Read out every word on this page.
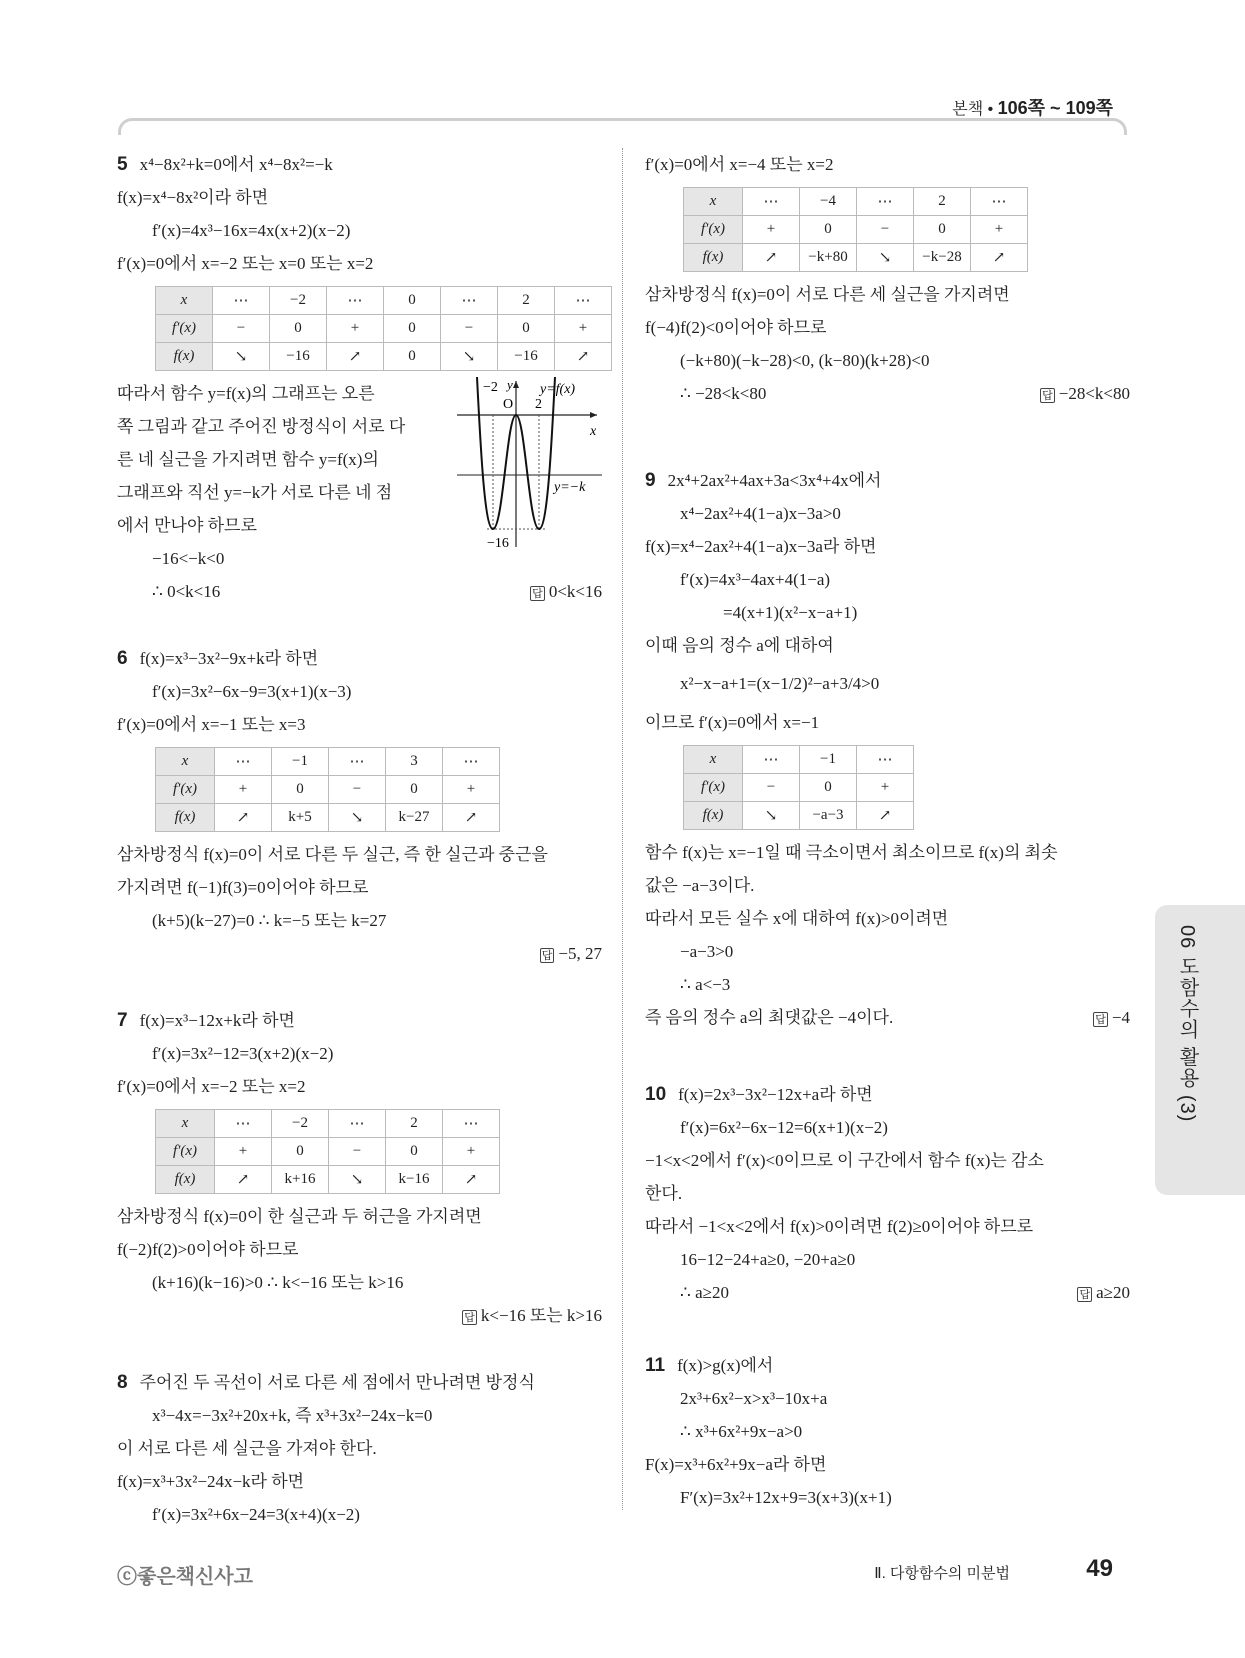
본책 • 106쪽 ~ 109쪽
5 x⁴−8x²+k=0에서 x⁴−8x²=−k
f(x)=x⁴−8x²이라 하면
f′(x)=4x³−16x=4x(x+2)(x−2)
f′(x)=0에서 x=−2 또는 x=0 또는 x=2
x	⋯	−2	⋯	0	⋯	2	⋯
f′(x)	−	0	+	0	−	0	+
f(x)	↘	−16	↗	0	↘	−16	↗
−2 y
O 2
y=f(x)
x
y=−k
−16
따라서 함수 y=f(x)의 그래프는 오른
쪽 그림과 같고 주어진 방정식이 서로 다
른 네 실근을 가지려면 함수 y=f(x)의
그래프와 직선 y=−k가 서로 다른 네 점
에서 만나야 하므로
−16<−k<0
∴ 0<k<16	답 0<k<16
6 f(x)=x³−3x²−9x+k라 하면
f′(x)=3x²−6x−9=3(x+1)(x−3)
f′(x)=0에서 x=−1 또는 x=3
x	⋯	−1	⋯	3	⋯
f′(x)	+	0	−	0	+
f(x)	↗	k+5	↘	k−27	↗
삼차방정식 f(x)=0이 서로 다른 두 실근, 즉 한 실근과 중근을
가지려면 f(−1)f(3)=0이어야 하므로
(k+5)(k−27)=0 ∴ k=−5 또는 k=27
답 −5, 27
7 f(x)=x³−12x+k라 하면
f′(x)=3x²−12=3(x+2)(x−2)
f′(x)=0에서 x=−2 또는 x=2
x	⋯	−2	⋯	2	⋯
f′(x)	+	0	−	0	+
f(x)	↗	k+16	↘	k−16	↗
삼차방정식 f(x)=0이 한 실근과 두 허근을 가지려면
f(−2)f(2)>0이어야 하므로
(k+16)(k−16)>0 ∴ k<−16 또는 k>16
답 k<−16 또는 k>16
8 주어진 두 곡선이 서로 다른 세 점에서 만나려면 방정식
x³−4x=−3x²+20x+k, 즉 x³+3x²−24x−k=0
이 서로 다른 세 실근을 가져야 한다.
f(x)=x³+3x²−24x−k라 하면
f′(x)=3x²+6x−24=3(x+4)(x−2)
f′(x)=0에서 x=−4 또는 x=2
x	⋯	−4	⋯	2	⋯
f′(x)	+	0	−	0	+
f(x)	↗	−k+80	↘	−k−28	↗
삼차방정식 f(x)=0이 서로 다른 세 실근을 가지려면
f(−4)f(2)<0이어야 하므로
(−k+80)(−k−28)<0, (k−80)(k+28)<0
∴ −28<k<80	답 −28<k<80
9 2x⁴+2ax²+4ax+3a<3x⁴+4x에서
x⁴−2ax²+4(1−a)x−3a>0
f(x)=x⁴−2ax²+4(1−a)x−3a라 하면
f′(x)=4x³−4ax+4(1−a)
=4(x+1)(x²−x−a+1)
이때 음의 정수 a에 대하여
x²−x−a+1=(x−1/2)²−a+3/4>0
이므로 f′(x)=0에서 x=−1
x	⋯	−1	⋯
f′(x)	−	0	+
f(x)	↘	−a−3	↗
함수 f(x)는 x=−1일 때 극소이면서 최소이므로 f(x)의 최솟
값은 −a−3이다.
따라서 모든 실수 x에 대하여 f(x)>0이려면
−a−3>0
∴ a<−3
즉 음의 정수 a의 최댓값은 −4이다.	답 −4
10 f(x)=2x³−3x²−12x+a라 하면
f′(x)=6x²−6x−12=6(x+1)(x−2)
−1<x<2에서 f′(x)<0이므로 이 구간에서 함수 f(x)는 감소
한다.
따라서 −1<x<2에서 f(x)>0이려면 f(2)≥0이어야 하므로
16−12−24+a≥0, −20+a≥0
∴ a≥20	답 a≥20
11 f(x)>g(x)에서
2x³+6x²−x>x³−10x+a
∴ x³+6x²+9x−a>0
F(x)=x³+6x²+9x−a라 하면
F′(x)=3x²+12x+9=3(x+3)(x+1)
06 도함수의 활용 (3)
ⓒ좋은책신사고	Ⅱ. 다항함수의 미분법	49
